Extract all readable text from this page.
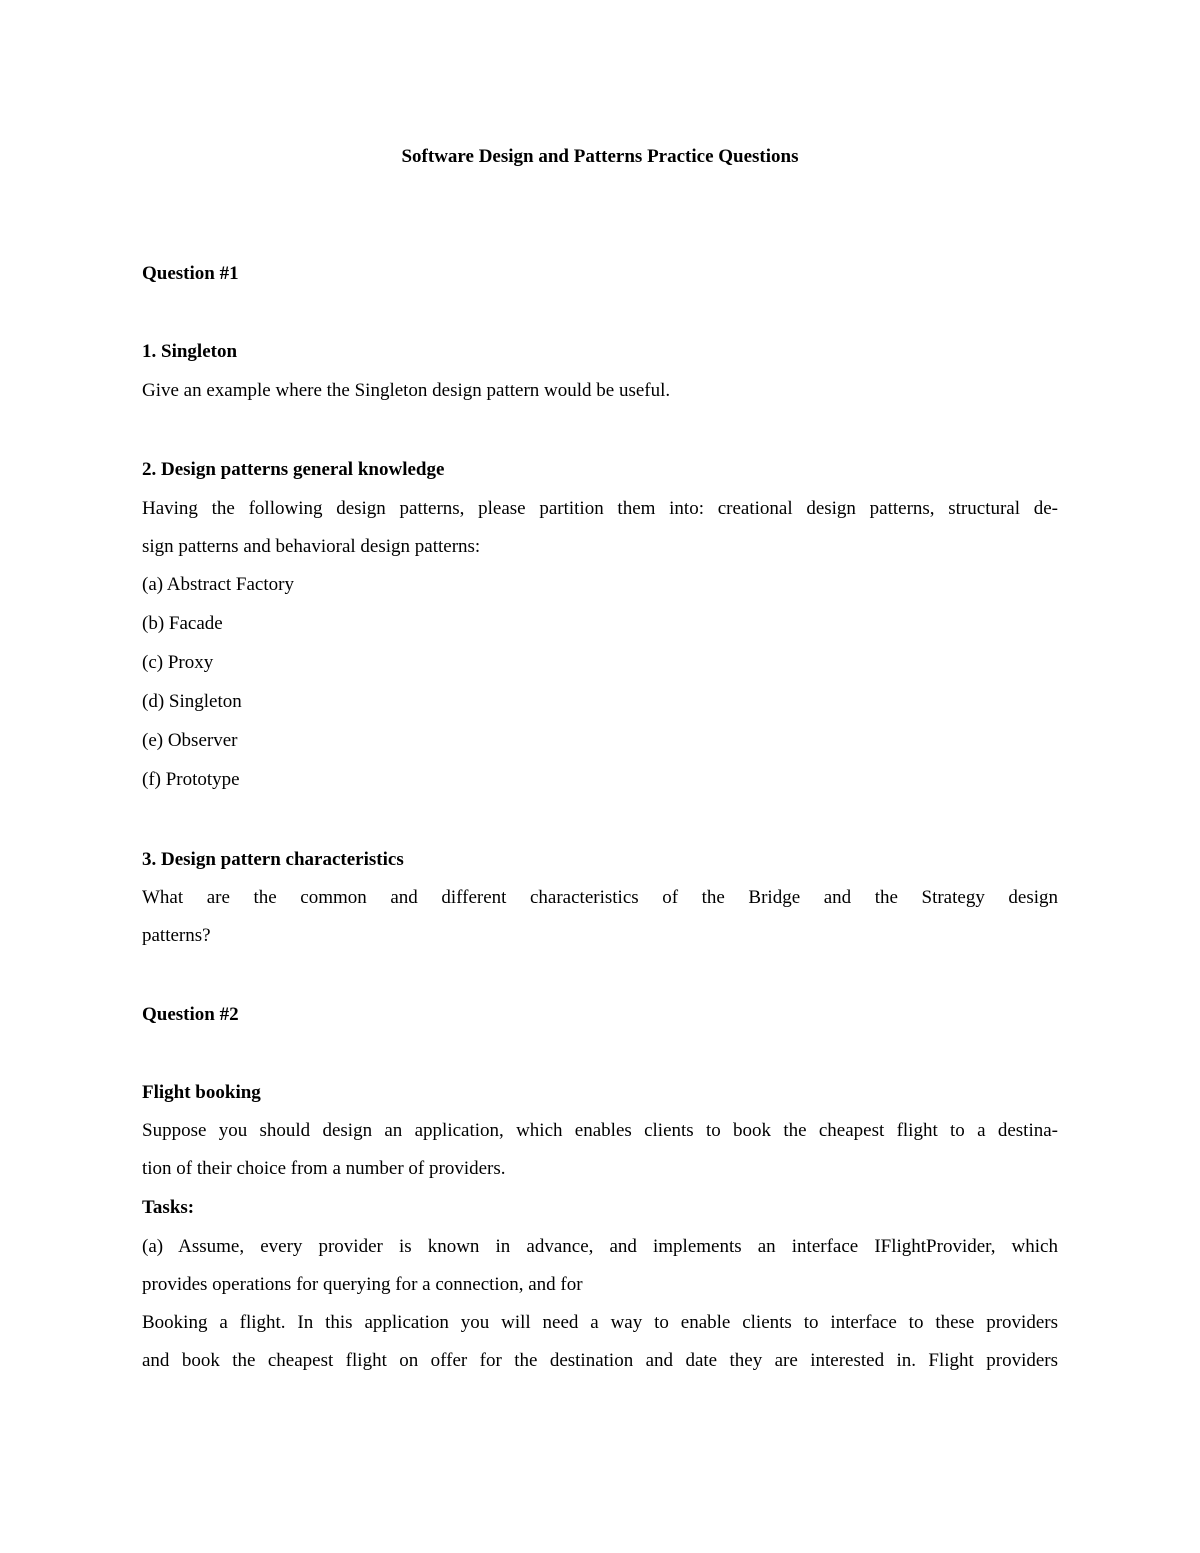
Software Design and Patterns Practice Questions
Question #1
1. Singleton
Give an example where the Singleton design pattern would be useful.
2. Design patterns general knowledge
Having the following design patterns, please partition them into: creational design patterns, structural de-
sign patterns and behavioral design patterns:
(a) Abstract Factory
(b) Facade
(c) Proxy
(d) Singleton
(e) Observer
(f) Prototype
3. Design pattern characteristics
What are the common and different characteristics of the Bridge and the Strategy design
patterns?
Question #2
Flight booking
Suppose you should design an application, which enables clients to book the cheapest flight to a destina-
tion of their choice from a number of providers.
Tasks:
(a) Assume, every provider is known in advance, and implements an interface IFlightProvider, which
provides operations for querying for a connection, and for
Booking a flight. In this application you will need a way to enable clients to interface to these providers
and book the cheapest flight on offer for the destination and date they are interested in. Flight providers
